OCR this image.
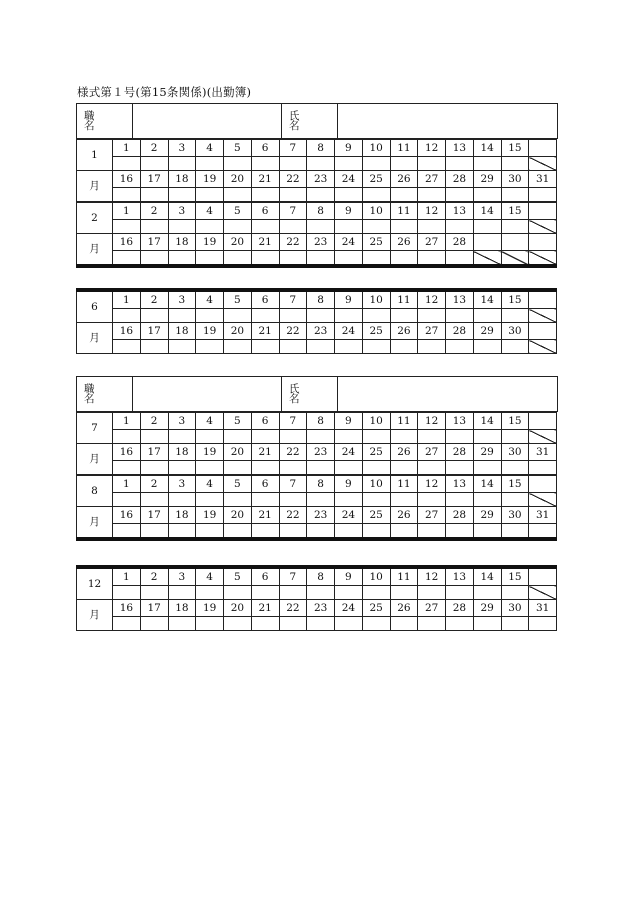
様式第１号(第15条関係)(出勤簿)
職　名		氏　名	
1	1	2	3	4	5	6	7	8	9	10	11	12	13	14	15	

月	16	17	18	19	20	21	22	23	24	25	26	27	28	29	30	31

2	1	2	3	4	5	6	7	8	9	10	11	12	13	14	15	

月	16	17	18	19	20	21	22	23	24	25	26	27	28			

6	1	2	3	4	5	6	7	8	9	10	11	12	13	14	15	

月	16	17	18	19	20	21	22	23	24	25	26	27	28	29	30	

職　名		氏　名	
7	1	2	3	4	5	6	7	8	9	10	11	12	13	14	15	

月	16	17	18	19	20	21	22	23	24	25	26	27	28	29	30	31

8	1	2	3	4	5	6	7	8	9	10	11	12	13	14	15	

月	16	17	18	19	20	21	22	23	24	25	26	27	28	29	30	31

12	1	2	3	4	5	6	7	8	9	10	11	12	13	14	15	

月	16	17	18	19	20	21	22	23	24	25	26	27	28	29	30	31
